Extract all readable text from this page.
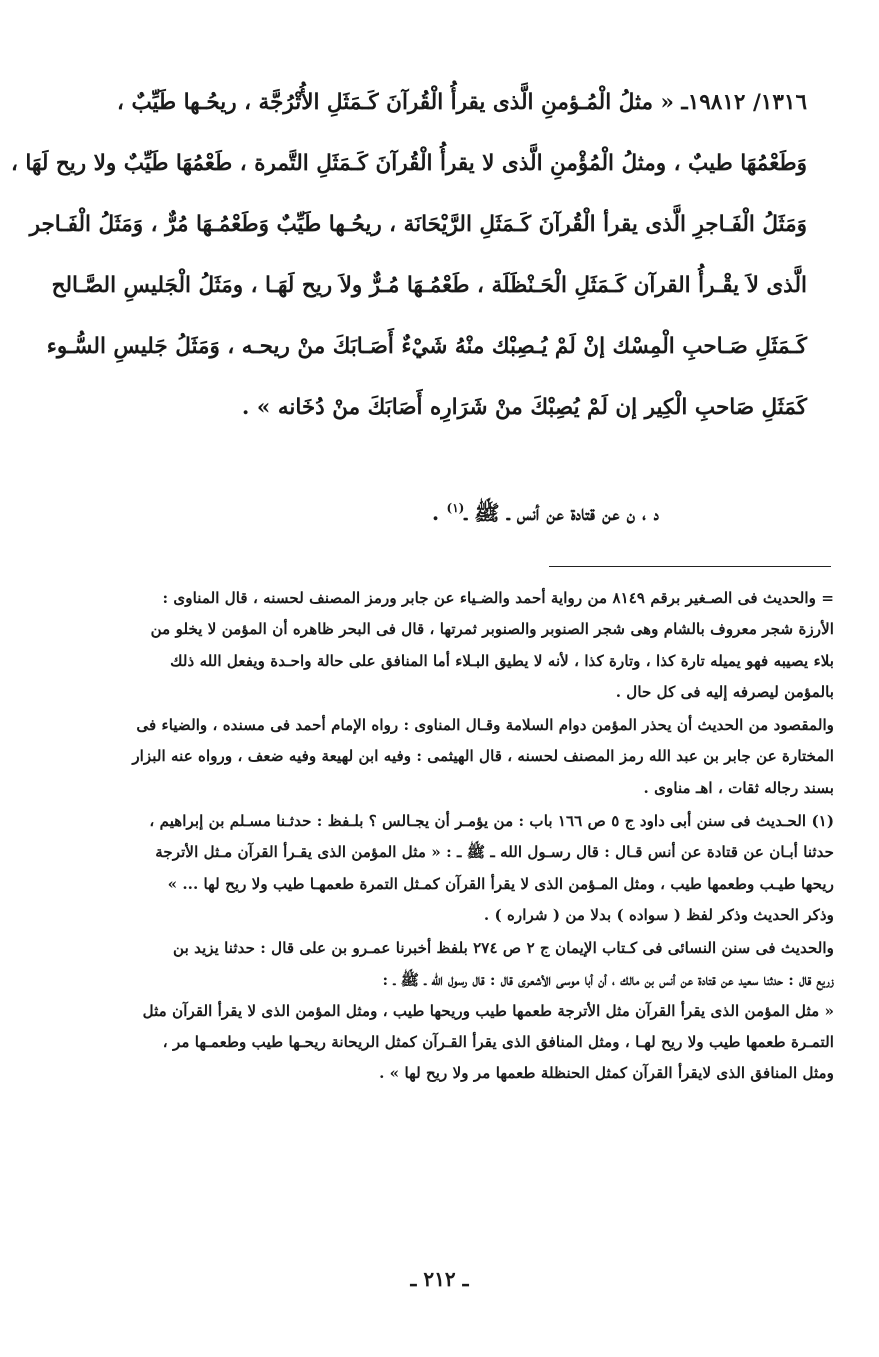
١٣١٦/ ١٩٨١٢ـ « مثلُ الْمُـؤمنِ الَّذى يقرأُ الْقُرآنَ كَـمَثَلِ الأُتْرُجَّة ، ريحُـها طَيِّبٌ ،
وَطَعْمُهَا طيبٌ ، ومثلُ الْمُؤْمنِ الَّذى لا يقرأُ الْقُرآنَ كَـمَثَلِ التَّمرة ، طَعْمُهَا طَيِّبٌ ولا ريح لَهَا ،
وَمَثَلُ الْفَـاجرِ الَّذى يقرأ الْقُرآنَ كَـمَثَلِ الرَّيْحَانَة ، ريحُـها طَيِّبٌ وَطَعْمُـهَا مُرٌّ ، وَمَثَلُ الْفَـاجر
الَّذى لاَ يقْـرأُ القرآن كَـمَثَلِ الْحَـنْظَلَة ، طَعْمُـهَا مُـرٌّ ولاَ ريح لَهَـا ، ومَثَلُ الْجَليسِ الصَّـالح
كَـمَثَلِ صَـاحبِ الْمِسْك إنْ لَمْ يُـصِبْك منْهُ شَيْءٌ أَصَـابَكَ منْ ريحـه ، وَمَثَلُ جَليسِ السُّـوء
كَمَثَلِ صَاحبِ الْكِير إن لَمْ يُصِبْكَ منْ شَرَارِه أَصَابَكَ منْ دُخَانه » .
د ، ن عن قتادة عن أنس ـ ﷺ ـ$^{(١)}$ .
= والحديث فى الصـغير برقم ٨١٤٩ من رواية أحمد والضـياء عن جابر ورمز المصنف لحسنه ، قال المناوى :
الأرزة شجر معروف بالشام وهى شجر الصنوبر والصنوبر ثمرتها ، قال فى البحر ظاهره أن المؤمن لا يخلو من
بلاء يصيبه فهو يميله تارة كذا ، وتارة كذا ، لأنه لا يطيق البـلاء أما المنافق على حالة واحـدة ويفعل الله ذلك
بالمؤمن ليصرفه إليه فى كل حال .
والمقصود من الحديث أن يحذر المؤمن دوام السلامة وقـال المناوى : رواه الإمام أحمد فى مسنده ، والضياء فى
المختارة عن جابر بن عبد الله رمز المصنف لحسنه ، قال الهيثمى : وفيه ابن لهيعة وفيه ضعف ، ورواه عنه البزار
بسند رجاله ثقات ، اهـ مناوى .
(١) الحـديث فى سنن أبى داود ج ٥ ص ١٦٦ باب : من يؤمـر أن يجـالس ؟ بلـفظ : حدثـنا مسـلم بن إبراهيم ،
حدثنا أبـان عن قتادة عن أنس قـال : قال رسـول الله ـ ﷺ ـ : « مثل المؤمن الذى يقـرأ القرآن مـثل الأترجة
ريحها طيـب وطعمها طيب ، ومثل المـؤمن الذى لا يقرأ القرآن كمـثل التمرة طعمهـا طيب ولا ريح لها ... »
وذكر الحديث وذكر لفظ ( سواده ) بدلا من ( شراره ) .
والحديث فى سنن النسائى فى كـتاب الإيمان ج ٢ ص ٢٧٤ بلفظ أخبرنا عمـرو بن على قال : حدثنا يزيد بن
زريع قال : حدثنا سعيد عن قتادة عن أنس بن مالك ، أن أبا موسى الأشعرى قال : قال رسول الله ـ ﷺ ـ :
« مثل المؤمن الذى يقرأ القرآن مثل الأترجة طعمها طيب وريحها طيب ، ومثل المؤمن الذى لا يقرأ القرآن مثل
التمـرة طعمها طيب ولا ريح لهـا ، ومثل المنافق الذى يقرأ القـرآن كمثل الريحانة ريحـها طيب وطعمـها مر ،
ومثل المنافق الذى لايقرأ القرآن كمثل الحنظلة طعمها مر ولا ريح لها » .
ـ ٢١٢ ـ
